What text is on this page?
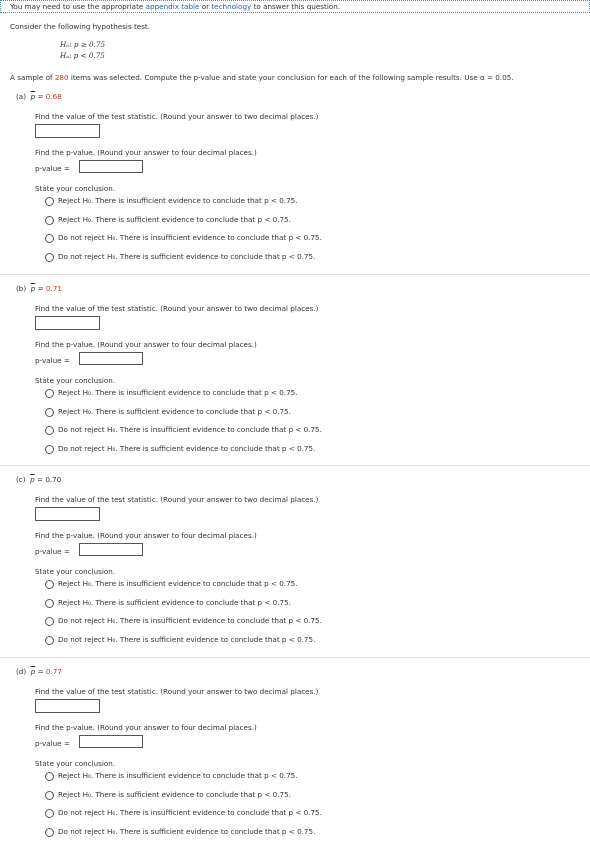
You may need to use the appropriate appendix table or technology to answer this question.
Consider the following hypothesis test.
H₀: p ≥ 0.75
Hₐ: p < 0.75
A sample of 280 items was selected. Compute the p-value and state your conclusion for each of the following sample results. Use α = 0.05.
(a) $\overline{p} = 0.68$
Find the value of the test statistic. (Round your answer to two decimal places.)
Find the p-value. (Round your answer to four decimal places.)
p-value =
State your conclusion.
Reject H₀. There is insufficient evidence to conclude that p < 0.75.
Reject H₀. There is sufficient evidence to conclude that p < 0.75.
Do not reject H₀. There is insufficient evidence to conclude that p < 0.75.
Do not reject H₀. There is sufficient evidence to conclude that p < 0.75.
(b) $\overline{p} = 0.71$
Find the value of the test statistic. (Round your answer to two decimal places.)
Find the p-value. (Round your answer to four decimal places.)
p-value =
State your conclusion.
Reject H₀. There is insufficient evidence to conclude that p < 0.75.
Reject H₀. There is sufficient evidence to conclude that p < 0.75.
Do not reject H₀. There is insufficient evidence to conclude that p < 0.75.
Do not reject H₀. There is sufficient evidence to conclude that p < 0.75.
(c) $\overline{p} = 0.70$
Find the value of the test statistic. (Round your answer to two decimal places.)
Find the p-value. (Round your answer to four decimal places.)
p-value =
State your conclusion.
Reject H₀. There is insufficient evidence to conclude that p < 0.75.
Reject H₀. There is sufficient evidence to conclude that p < 0.75.
Do not reject H₀. There is insufficient evidence to conclude that p < 0.75.
Do not reject H₀. There is sufficient evidence to conclude that p < 0.75.
(d) $\overline{p} = 0.77$
Find the value of the test statistic. (Round your answer to two decimal places.)
Find the p-value. (Round your answer to four decimal places.)
p-value =
State your conclusion.
Reject H₀. There is insufficient evidence to conclude that p < 0.75.
Reject H₀. There is sufficient evidence to conclude that p < 0.75.
Do not reject H₀. There is insufficient evidence to conclude that p < 0.75.
Do not reject H₀. There is sufficient evidence to conclude that p < 0.75.
